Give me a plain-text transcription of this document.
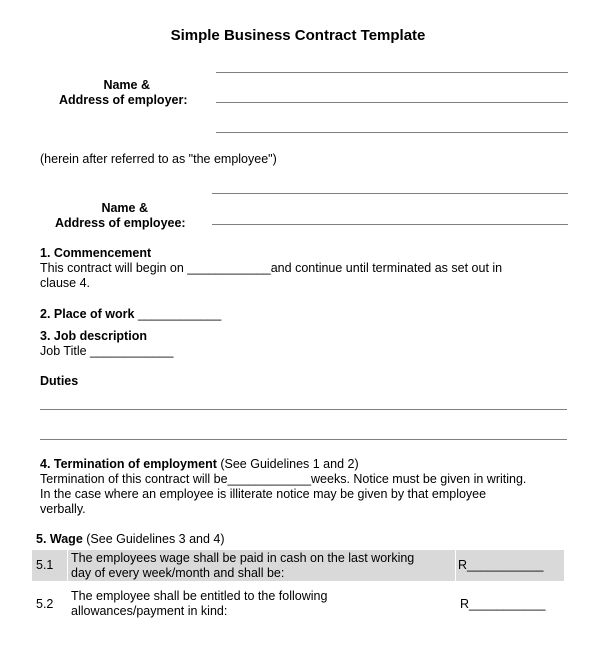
Simple Business Contract Template
Name &
Address of employer:
(herein after referred to as "the employee")
Name &
Address of employee:
1. Commencement
This contract will begin on ____________and continue until terminated as set out in
clause 4.
2. Place of work ____________
3. Job description
Job Title ____________
Duties
4. Termination of employment (See Guidelines 1 and 2)
Termination of this contract will be____________weeks. Notice must be given in writing.
In the case where an employee is illiterate notice may be given by that employee
verbally.
5. Wage (See Guidelines 3 and 4)
5.1 The employees wage shall be paid in cash on the last working
day of every week/month and shall be:
R___________
5.2
The employee shall be entitled to the following
allowances/payment in kind:	R___________
